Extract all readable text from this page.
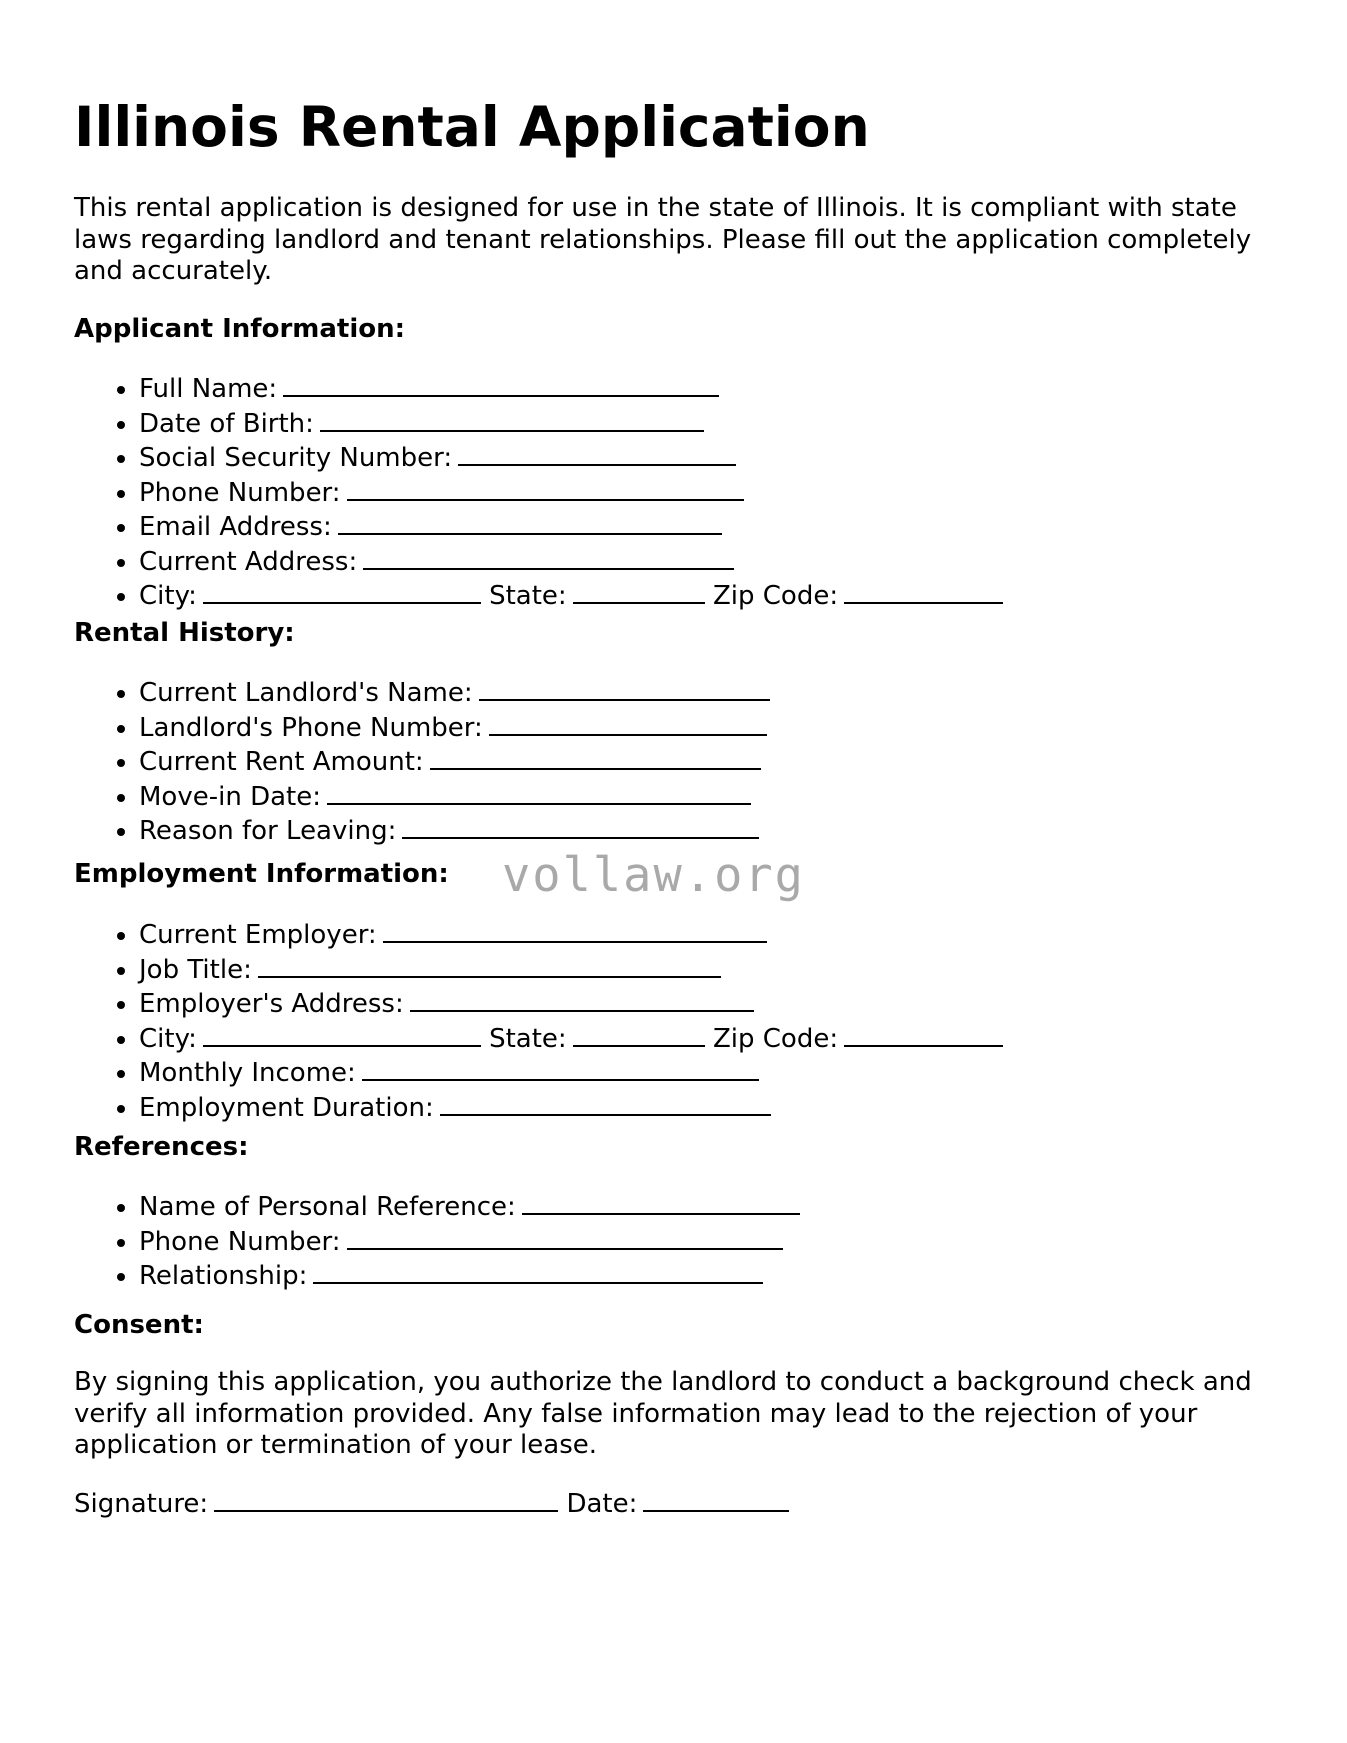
Illinois Rental Application

This rental application is designed for use in the state of Illinois. It is compliant with state laws regarding landlord and tenant relationships. Please fill out the application completely and accurately.

Applicant Information:

• Full Name:
• Date of Birth:
• Social Security Number:
• Phone Number:
• Email Address:
• Current Address:
• City:	State:	Zip Code:

Rental History:

• Current Landlord's Name:
• Landlord's Phone Number:
• Current Rent Amount:
• Move-in Date:
• Reason for Leaving:

Employment Information:

• Current Employer:
• Job Title:
• Employer's Address:
• City:	State:	Zip Code:
• Monthly Income:
• Employment Duration:

References:

• Name of Personal Reference:
• Phone Number:
• Relationship:

Consent:

By signing this application, you authorize the landlord to conduct a background check and verify all information provided. Any false information may lead to the rejection of your application or termination of your lease.

Signature:	Date:

vollaw.org
